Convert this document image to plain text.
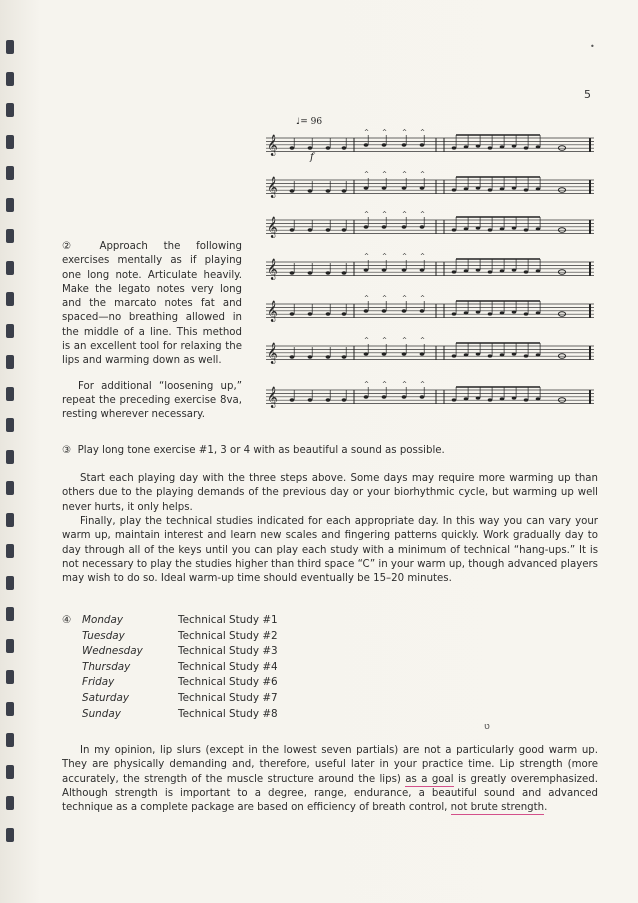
•
5
♩= 96
f
𝄞
^ ^ ^ ^
𝄞
^ ^ ^ ^
𝄞
^ ^ ^ ^
𝄞
^ ^ ^ ^
𝄞
^ ^ ^ ^
𝄞
^ ^ ^ ^
𝄞
^ ^ ^ ^

② Approach the following exercises mentally as if playing one long note. Articulate heavily. Make the legato notes very long and the marcato notes fat and spaced—no breathing allowed in the middle of a line. This method is an excellent tool for relaxing the lips and warming down as well.

For additional “loosening up,” repeat the preceding exercise 8va, resting wherever necessary.

③ Play long tone exercise #1, 3 or 4 with as beautiful a sound as possible.

Start each playing day with the three steps above. Some days may require more warming up than others due to the playing demands of the previous day or your biorhythmic cycle, but warming up well never hurts, it only helps.

Finally, play the technical studies indicated for each appropriate day. In this way you can vary your warm up, maintain interest and learn new scales and fingering patterns quickly. Work gradually day to day through all of the keys until you can play each study with a minimum of technical “hang-ups.” It is not necessary to play the studies higher than third space “C” in your warm up, though advanced players may wish to do so. Ideal warm-up time should eventually be 15–20 minutes.

④	Monday	Technical Study #1
Tuesday	Technical Study #2
Wednesday	Technical Study #3
Thursday	Technical Study #4
Friday	Technical Study #6
Saturday	Technical Study #7
Sunday	Technical Study #8
ט

In my opinion, lip slurs (except in the lowest seven partials) are not a particularly good warm up. They are physically demanding and, therefore, useful later in your practice time. Lip strength (more accurately, the strength of the muscle structure around the lips) as a goal is greatly overemphasized. Although strength is important to a degree, range, endurance, a beautiful sound and advanced technique as a complete package are based on efficiency of breath control, not brute strength.
